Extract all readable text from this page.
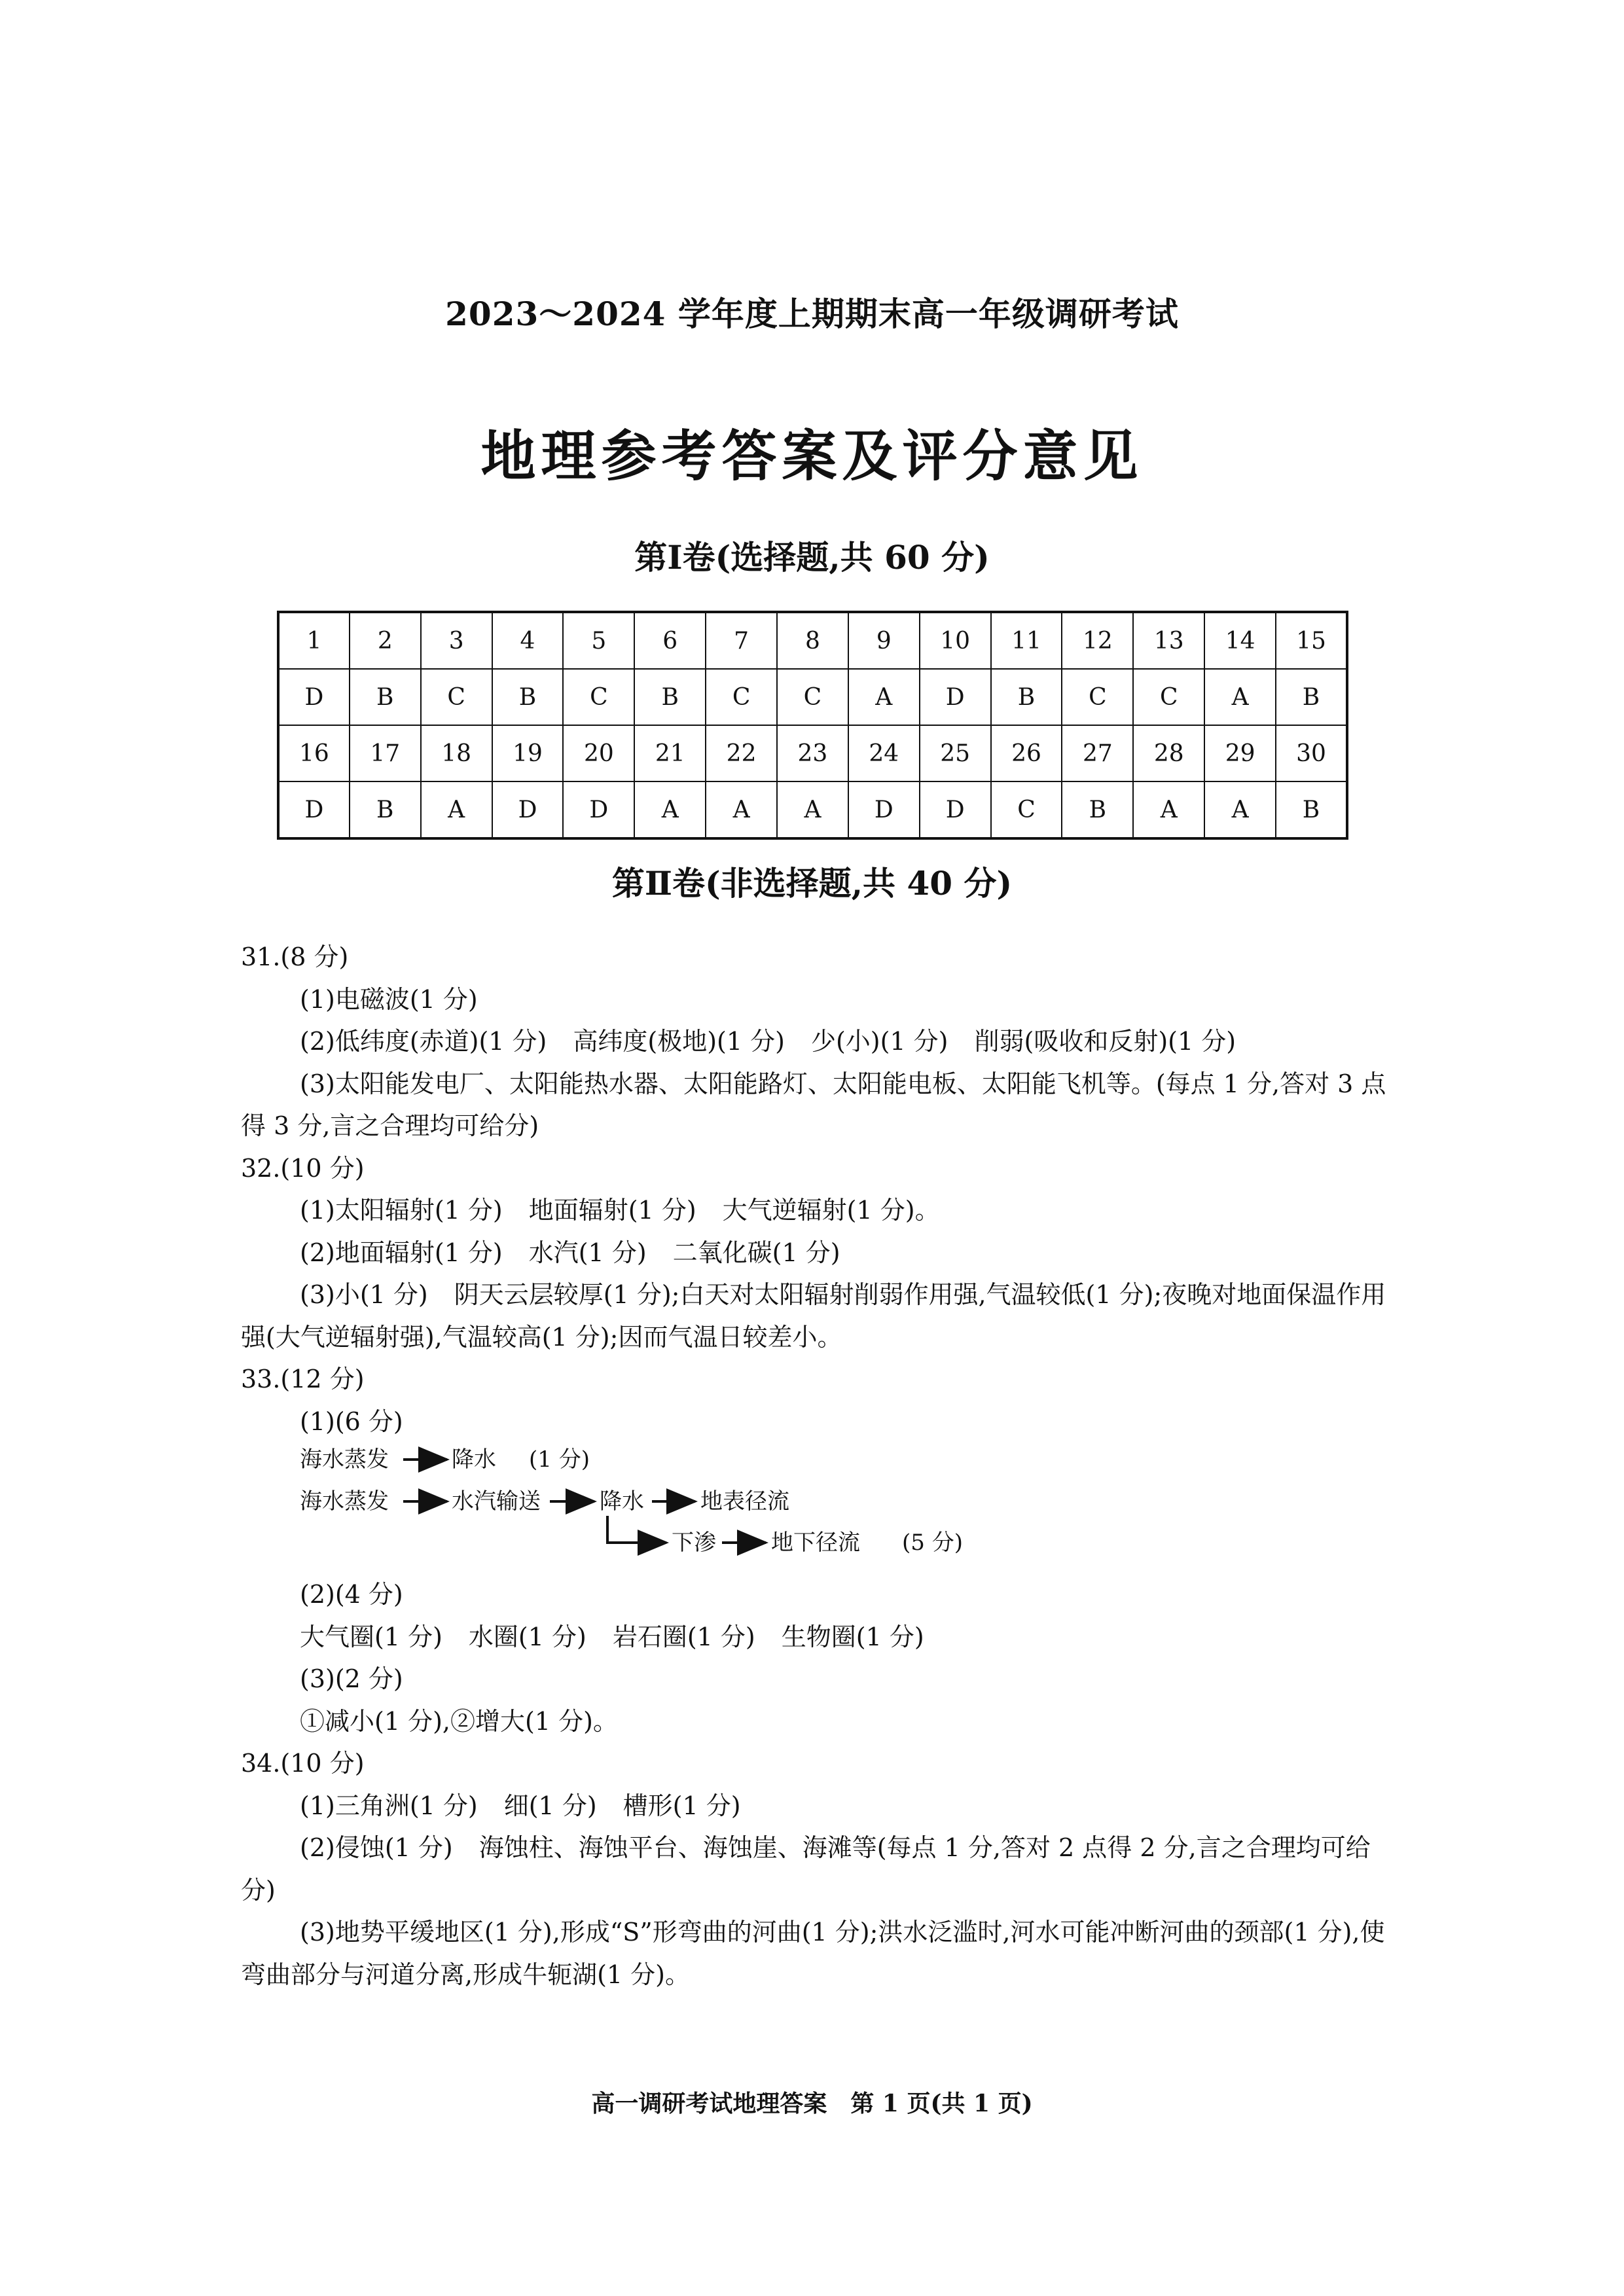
2023～2024 学年度上期期末高一年级调研考试
地理参考答案及评分意见
第Ⅰ卷(选择题,共 60 分)
1	2	3	4	5	6	7	8	9	10	11	12	13	14	15
D	B	C	B	C	B	C	C	A	D	B	C	C	A	B
16	17	18	19	20	21	22	23	24	25	26	27	28	29	30
D	B	A	D	D	A	A	A	D	D	C	B	A	A	B
第Ⅱ卷(非选择题,共 40 分)

31.(8 分)

(1)电磁波(1 分)

(2)低纬度(赤道)(1 分) 高纬度(极地)(1 分) 少(小)(1 分) 削弱(吸收和反射)(1 分)

(3)太阳能发电厂、太阳能热水器、太阳能路灯、太阳能电板、太阳能飞机等。(每点 1 分,答对 3 点得 3 分,言之合理均可给分)

32.(10 分)

(1)太阳辐射(1 分) 地面辐射(1 分) 大气逆辐射(1 分)。

(2)地面辐射(1 分) 水汽(1 分) 二氧化碳(1 分)

(3)小(1 分) 阴天云层较厚(1 分);白天对太阳辐射削弱作用强,气温较低(1 分);夜晚对地面保温作用强(大气逆辐射强),气温较高(1 分);因而气温日较差小。

33.(12 分)

(1)(6 分)

海水蒸发	降水 (1 分)
海水蒸发	水汽输送	降水	地表径流
下渗 地下径流 (5 分)

(2)(4 分)

大气圈(1 分) 水圈(1 分) 岩石圈(1 分) 生物圈(1 分)

(3)(2 分)

①减小(1 分),②增大(1 分)。

34.(10 分)

(1)三角洲(1 分) 细(1 分) 槽形(1 分)

(2)侵蚀(1 分) 海蚀柱、海蚀平台、海蚀崖、海滩等(每点 1 分,答对 2 点得 2 分,言之合理均可给分)

(3)地势平缓地区(1 分),形成“S”形弯曲的河曲(1 分);洪水泛滥时,河水可能冲断河曲的颈部(1 分),使弯曲部分与河道分离,形成牛轭湖(1 分)。

高一调研考试地理答案　第 1 页(共 1 页)
